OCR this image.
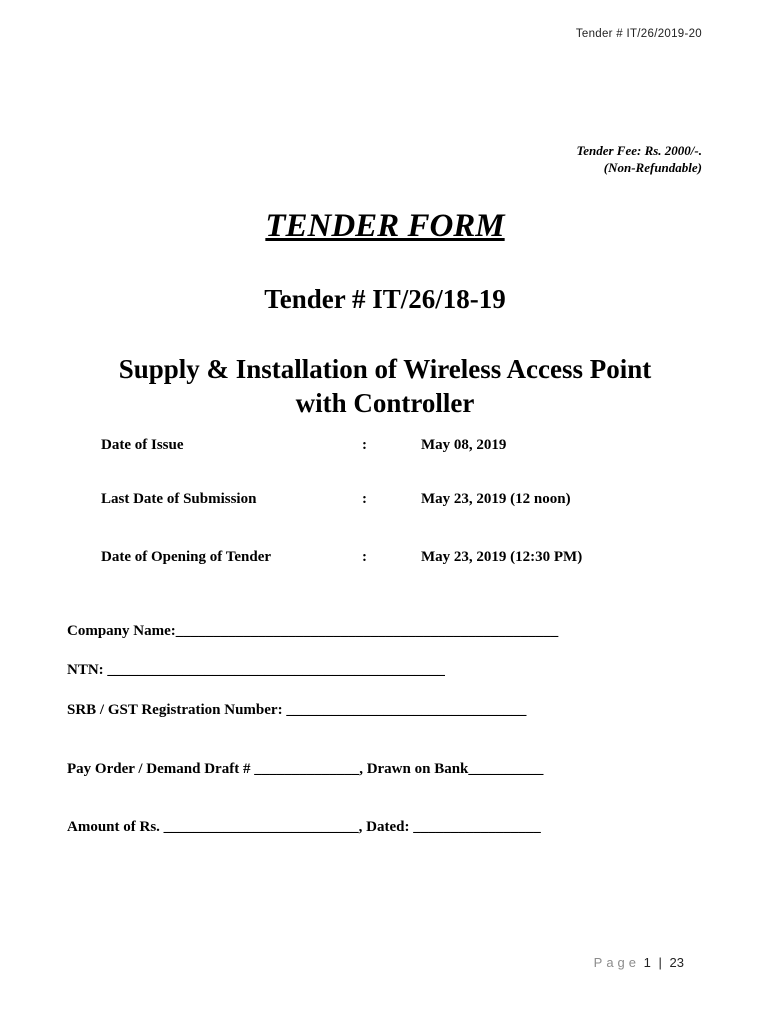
Tender # IT/26/2019-20
Tender Fee: Rs. 2000/-.
(Non-Refundable)
TENDER FORM
Tender # IT/26/18-19
Supply & Installation of Wireless Access Point
with Controller
Date of Issue	:	May 08, 2019
Last Date of Submission	:	May 23, 2019 (12 noon)
Date of Opening of Tender	:	May 23, 2019 (12:30 PM)
Company Name:___________________________________________________
NTN: _____________________________________________
SRB / GST Registration Number: ________________________________
Pay Order / Demand Draft # ______________, Drawn on Bank__________
Amount of Rs. __________________________, Dated: _________________
Page 1 | 23
